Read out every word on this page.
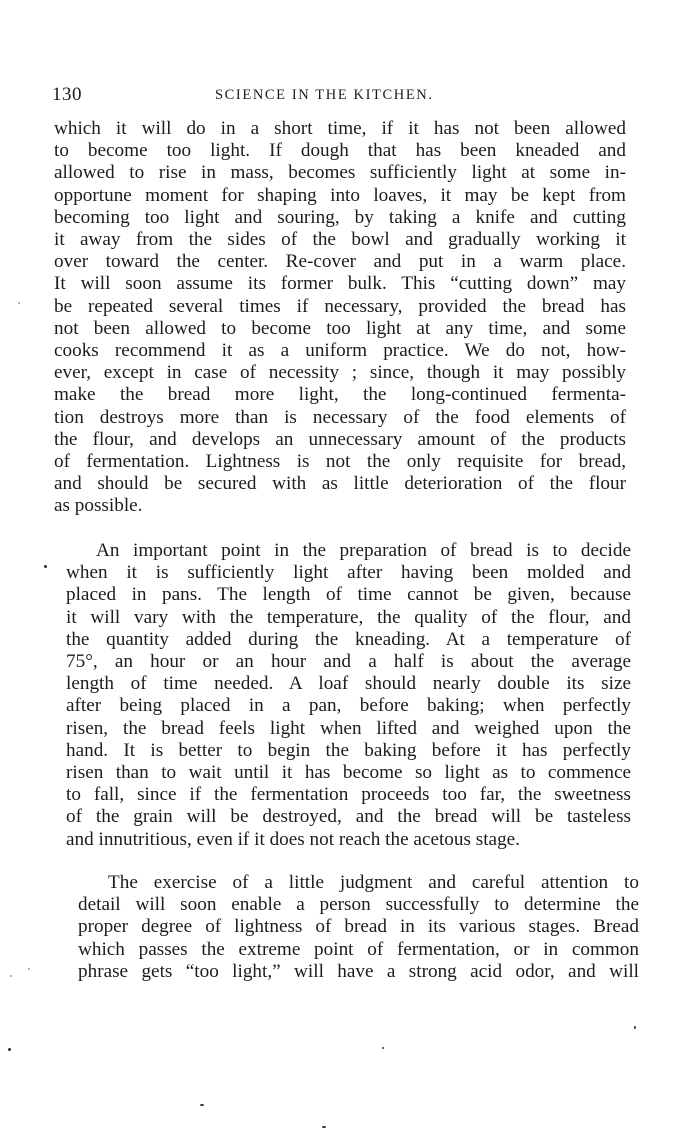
130	SCIENCE IN THE KITCHEN.
which it will do in a short time, if it has not been allowed
to become too light. If dough that has been kneaded and
allowed to rise in mass, becomes sufficiently light at some in-
opportune moment for shaping into loaves, it may be kept from
becoming too light and souring, by taking a knife and cutting
it away from the sides of the bowl and gradually working it
over toward the center. Re-cover and put in a warm place.
It will soon assume its former bulk. This “cutting down” may
be repeated several times if necessary, provided the bread has
not been allowed to become too light at any time, and some
cooks recommend it as a uniform practice. We do not, how-
ever, except in case of necessity ; since, though it may possibly
make the bread more light, the long-continued fermenta-
tion destroys more than is necessary of the food elements of
the flour, and develops an unnecessary amount of the products
of fermentation. Lightness is not the only requisite for bread,
and should be secured with as little deterioration of the flour
as possible.
An important point in the preparation of bread is to decide
when it is sufficiently light after having been molded and
placed in pans. The length of time cannot be given, because
it will vary with the temperature, the quality of the flour, and
the quantity added during the kneading. At a temperature of
75°, an hour or an hour and a half is about the average
length of time needed. A loaf should nearly double its size
after being placed in a pan, before baking; when perfectly
risen, the bread feels light when lifted and weighed upon the
hand. It is better to begin the baking before it has perfectly
risen than to wait until it has become so light as to commence
to fall, since if the fermentation proceeds too far, the sweetness
of the grain will be destroyed, and the bread will be tasteless
and innutritious, even if it does not reach the acetous stage.
The exercise of a little judgment and careful attention to
detail will soon enable a person successfully to determine the
proper degree of lightness of bread in its various stages. Bread
which passes the extreme point of fermentation, or in common
phrase gets “too light,” will have a strong acid odor, and will
